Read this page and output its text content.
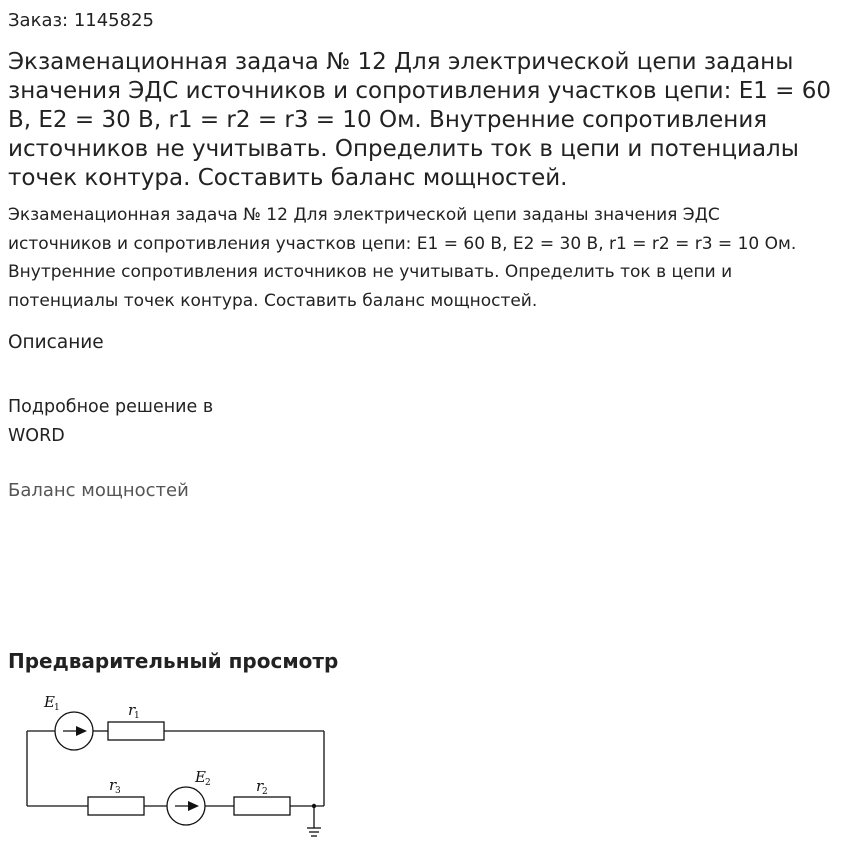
Заказ: 1145825

Экзаменационная задача № 12 Для электрической цепи заданы значения ЭДС источников и сопротивления участков цепи: E1 = 60 В, E2 = 30 В, r1 = r2 = r3 = 10 Ом. Внутренние сопротивления источников не учитывать. Определить ток в цепи и потенциалы точек контура. Составить баланс мощностей.

Экзаменационная задача № 12 Для электрической цепи заданы значения ЭДС источников и сопротивления участков цепи: E1 = 60 В, E2 = 30 В, r1 = r2 = r3 = 10 Ом. Внутренние сопротивления источников не учитывать. Определить ток в цепи и потенциалы точек контура. Составить баланс мощностей.

Описание

Подробное решение в WORD

Баланс мощностей
Предварительный просмотр
E 1	r
1
r
3
E 2	r
2
